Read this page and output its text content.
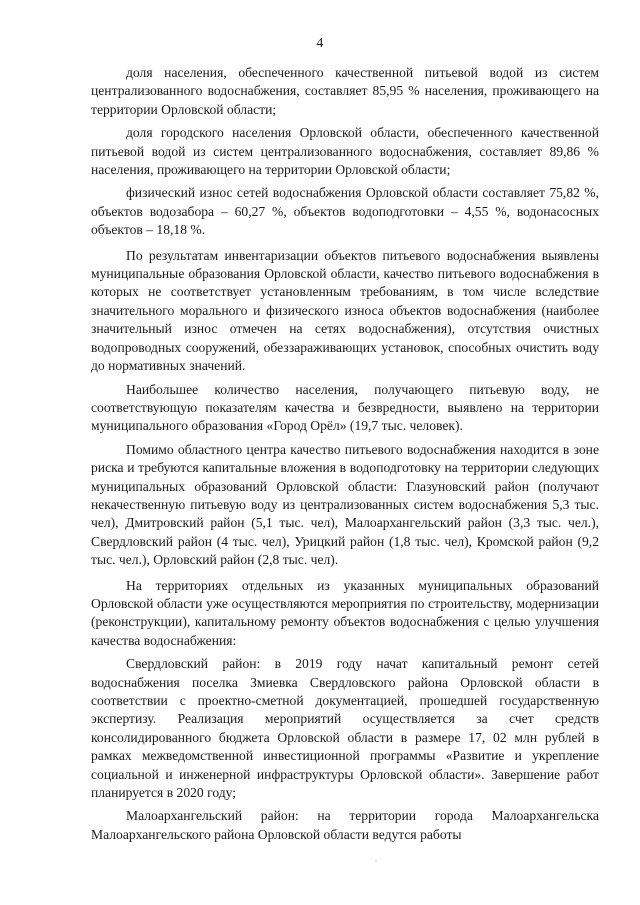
4

доля населения, обеспеченного качественной питьевой водой из систем централизованного водоснабжения, составляет 85,95 % населения, проживающего на территории Орловской области;

доля городского населения Орловской области, обеспеченного качественной питьевой водой из систем централизованного водоснабжения, составляет 89,86 % населения, проживающего на территории Орловской области;

физический износ сетей водоснабжения Орловской области составляет 75,82 %, объектов водозабора – 60,27 %, объектов водоподготовки – 4,55 %, водонасосных объектов – 18,18 %.

По результатам инвентаризации объектов питьевого водоснабжения выявлены муниципальные образования Орловской области, качество питьевого водоснабжения в которых не соответствует установленным требованиям, в том числе вследствие значительного морального и физического износа объектов водоснабжения (наиболее значительный износ отмечен на сетях водоснабжения), отсутствия очистных водопроводных сооружений, обеззараживающих установок, способных очистить воду до нормативных значений.

Наибольшее количество населения, получающего питьевую воду, не соответствующую показателям качества и безвредности, выявлено на территории муниципального образования «Город Орёл» (19,7 тыс. человек).

Помимо областного центра качество питьевого водоснабжения находится в зоне риска и требуются капитальные вложения в водоподготовку на территории следующих муниципальных образований Орловской области: Глазуновский район (получают некачественную питьевую воду из централизованных систем водоснабжения 5,3 тыс. чел), Дмитровский район (5,1 тыс. чел), Малоархангельский район (3,3 тыс. чел.), Свердловский район (4 тыс. чел), Урицкий район (1,8 тыс. чел), Кромской район (9,2 тыс. чел.), Орловский район (2,8 тыс. чел).

На территориях отдельных из указанных муниципальных образований Орловской области уже осуществляются мероприятия по строительству, модернизации (реконструкции), капитальному ремонту объектов водоснабжения с целью улучшения качества водоснабжения:

Свердловский район: в 2019 году начат капитальный ремонт сетей водоснабжения поселка Змиевка Свердловского района Орловской области в соответствии с проектно-сметной документацией, прошедшей государственную экспертизу. Реализация мероприятий осуществляется за счет средств консолидированного бюджета Орловской области в размере 17, 02 млн рублей в рамках межведомственной инвестиционной программы «Развитие и укрепление социальной и инженерной инфраструктуры Орловской области». Завершение работ планируется в 2020 году;

Малоархангельский район: на территории города Малоархангельска Малоархангельского района Орловской области ведутся работы
